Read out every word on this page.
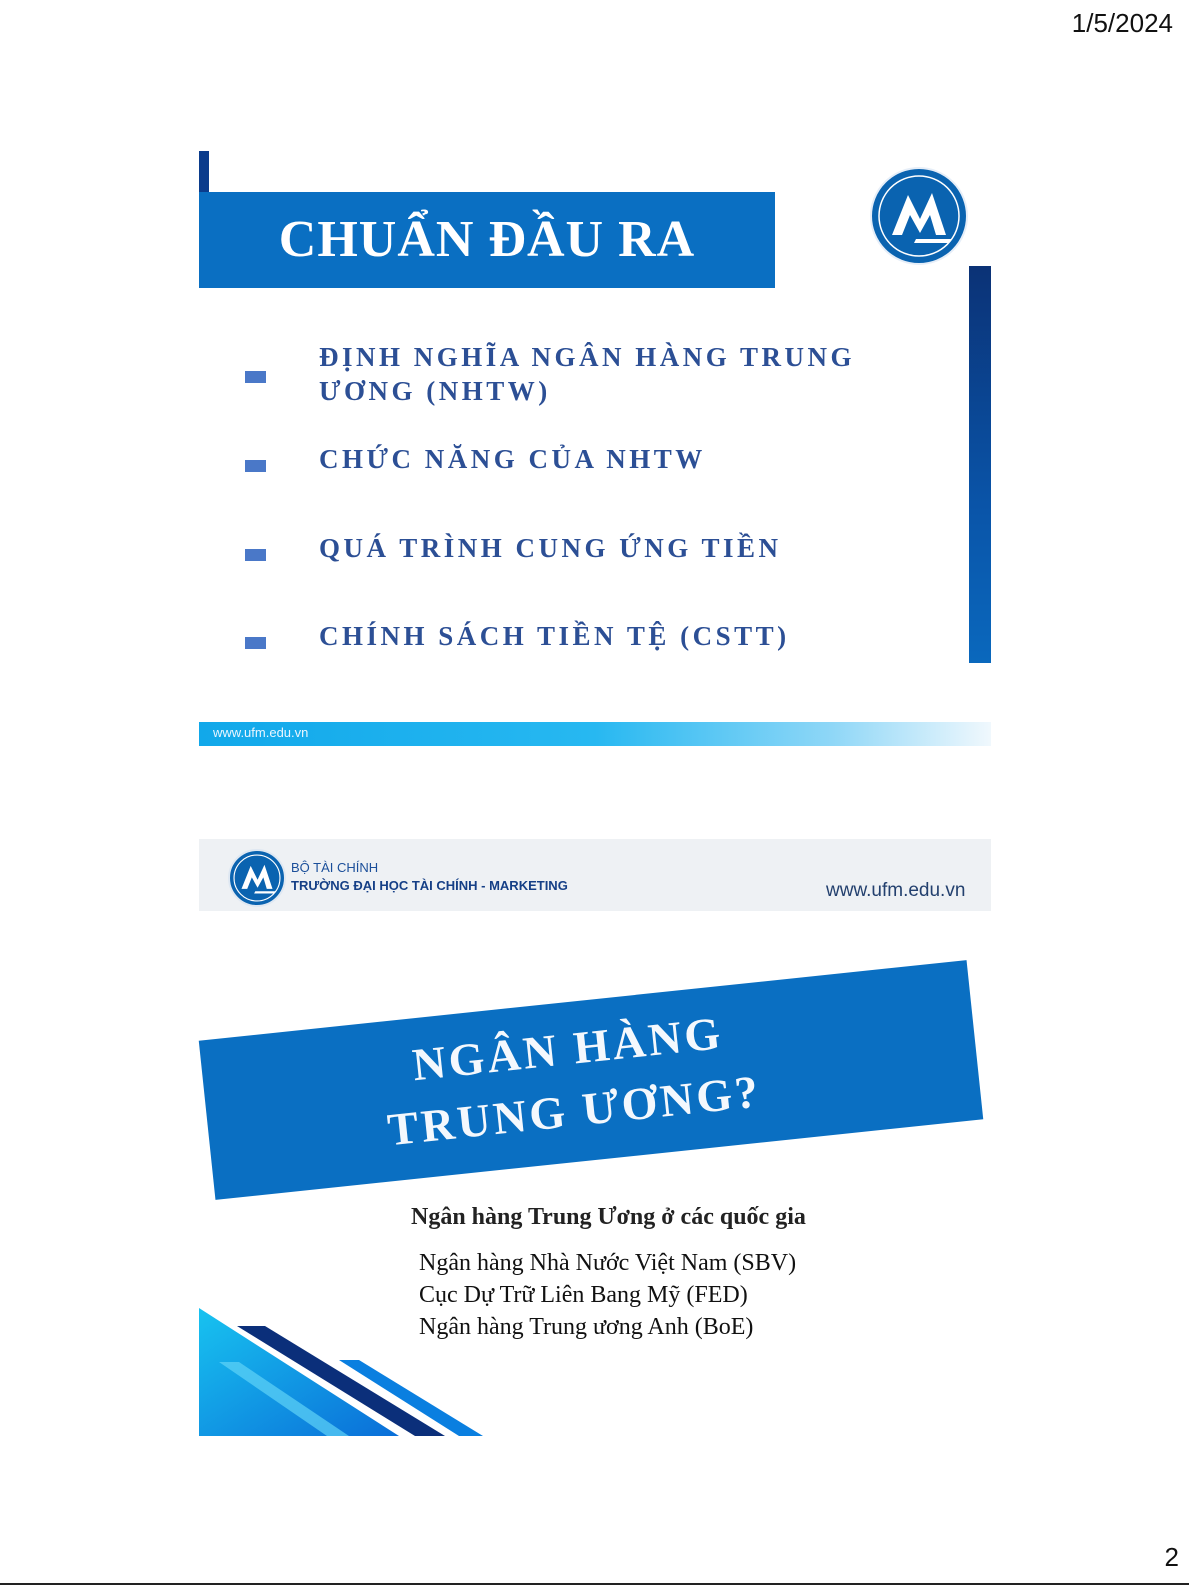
1/5/2024
CHUẨN ĐẦU RA
ĐỊNH NGHĨA NGÂN HÀNG TRUNG
ƯƠNG (NHTW)
CHỨC NĂNG CỦA NHTW
QUÁ TRÌNH CUNG ỨNG TIỀN
CHÍNH SÁCH TIỀN TỆ (CSTT)
www.ufm.edu.vn
BỘ TÀI CHÍNH
TRƯỜNG ĐẠI HỌC TÀI CHÍNH - MARKETING	www.ufm.edu.vn
NGÂN HÀNG
TRUNG ƯƠNG?
Ngân hàng Trung Ương ở các quốc gia
Ngân hàng Nhà Nước Việt Nam (SBV)
Cục Dự Trữ Liên Bang Mỹ (FED)
Ngân hàng Trung ương Anh (BoE)
2
